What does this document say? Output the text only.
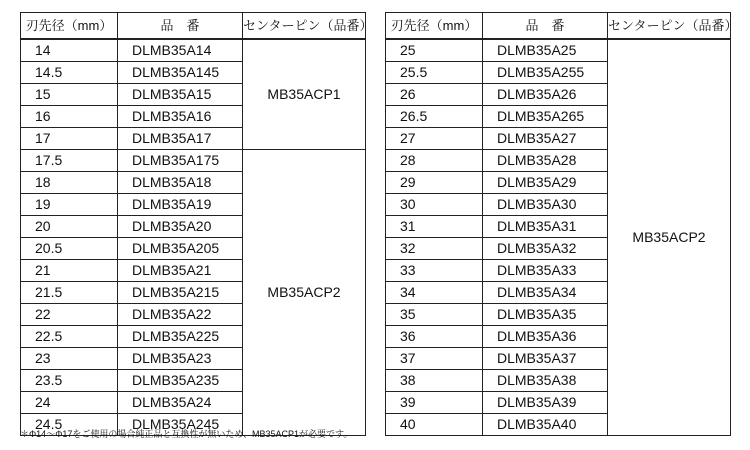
刃先径（mm）	品　番	センターピン（品番）
14	DLMB35A14	MB35ACP1
14.5	DLMB35A145	
15	DLMB35A15	
16	DLMB35A16	
17	DLMB35A17	
17.5	DLMB35A175	MB35ACP2
18	DLMB35A18	
19	DLMB35A19	
20	DLMB35A20	
20.5	DLMB35A205	
21	DLMB35A21	
21.5	DLMB35A215	
22	DLMB35A22	
22.5	DLMB35A225	
23	DLMB35A23	
23.5	DLMB35A235	
24	DLMB35A24	
24.5	DLMB35A245	
刃先径（mm）	品　番	センターピン（品番）
25	DLMB35A25	MB35ACP2
25.5	DLMB35A255	
26	DLMB35A26	
26.5	DLMB35A265	
27	DLMB35A27	
28	DLMB35A28	
29	DLMB35A29	
30	DLMB35A30	
31	DLMB35A31	
32	DLMB35A32	
33	DLMB35A33	
34	DLMB35A34	
35	DLMB35A35	
36	DLMB35A36	
37	DLMB35A37	
38	DLMB35A38	
39	DLMB35A39	
40	DLMB35A40	
＊Φ14～Φ17をご使用の場合純正品と互換性が無いため、MB35ACP1が必要です。
